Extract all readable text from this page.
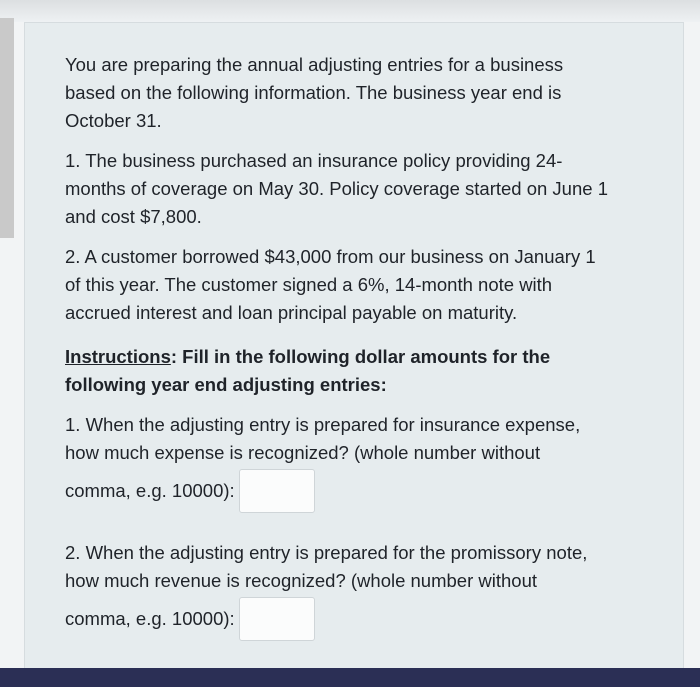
You are preparing the annual adjusting entries for a business
based on the following information. The business year end is
October 31.

1. The business purchased an insurance policy providing 24-
months of coverage on May 30. Policy coverage started on June 1
and cost $7,800.

2. A customer borrowed $43,000 from our business on January 1
of this year. The customer signed a 6%, 14-month note with
accrued interest and loan principal payable on maturity.

Instructions: Fill in the following dollar amounts for the
following year end adjusting entries:

1. When the adjusting entry is prepared for insurance expense,
how much expense is recognized? (whole number without
comma, e.g. 10000):
2. When the adjusting entry is prepared for the promissory note,
how much revenue is recognized? (whole number without
comma, e.g. 10000):
